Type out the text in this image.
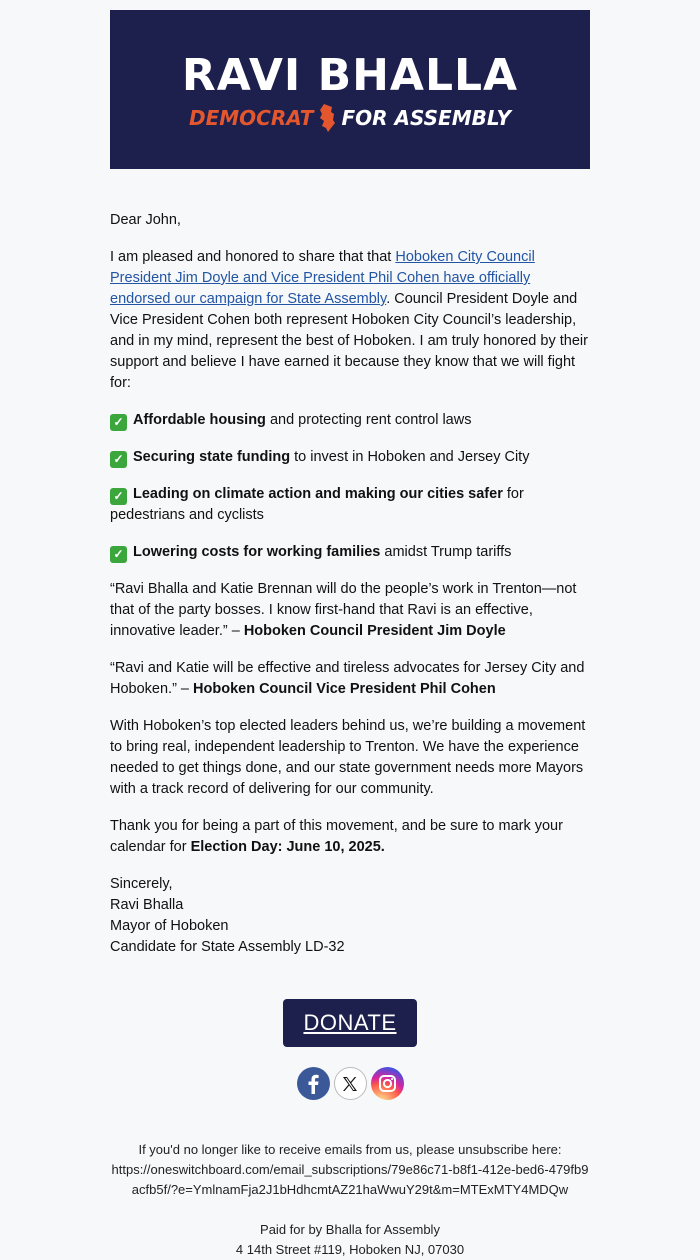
RAVI BHALLA
DEMOCRAT FOR ASSEMBLY

Dear John,

I am pleased and honored to share that that Hoboken City Council President Jim Doyle and Vice President Phil Cohen have officially endorsed our campaign for State Assembly. Council President Doyle and Vice President Cohen both represent Hoboken City Council’s leadership, and in my mind, represent the best of Hoboken. I am truly honored by their support and believe I have earned it because they know that we will fight for:

✓ Affordable housing and protecting rent control laws

✓ Securing state funding to invest in Hoboken and Jersey City

✓ Leading on climate action and making our cities safer for pedestrians and cyclists

✓ Lowering costs for working families amidst Trump tariffs

“Ravi Bhalla and Katie Brennan will do the people’s work in Trenton—not that of the party bosses. I know first-hand that Ravi is an effective, innovative leader.” – Hoboken Council President Jim Doyle

“Ravi and Katie will be effective and tireless advocates for Jersey City and Hoboken.” – Hoboken Council Vice President Phil Cohen

With Hoboken’s top elected leaders behind us, we’re building a movement to bring real, independent leadership to Trenton. We have the experience needed to get things done, and our state government needs more Mayors with a track record of delivering for our community.

Thank you for being a part of this movement, and be sure to mark your calendar for Election Day: June 10, 2025.

Sincerely,

Ravi Bhalla

Mayor of Hoboken

Candidate for State Assembly LD-32

DONATE
If you'd no longer like to receive emails from us, please unsubscribe here:
https://oneswitchboard.com/email_subscriptions/79e86c71-b8f1-412e-bed6-479fb9acfb5f/?e=YmlnamFja2J1bHdhcmtAZ21haWwuY29t&m=MTExMTY4MDQw
Paid for by Bhalla for Assembly
4 14th Street #119, Hoboken NJ, 07030
